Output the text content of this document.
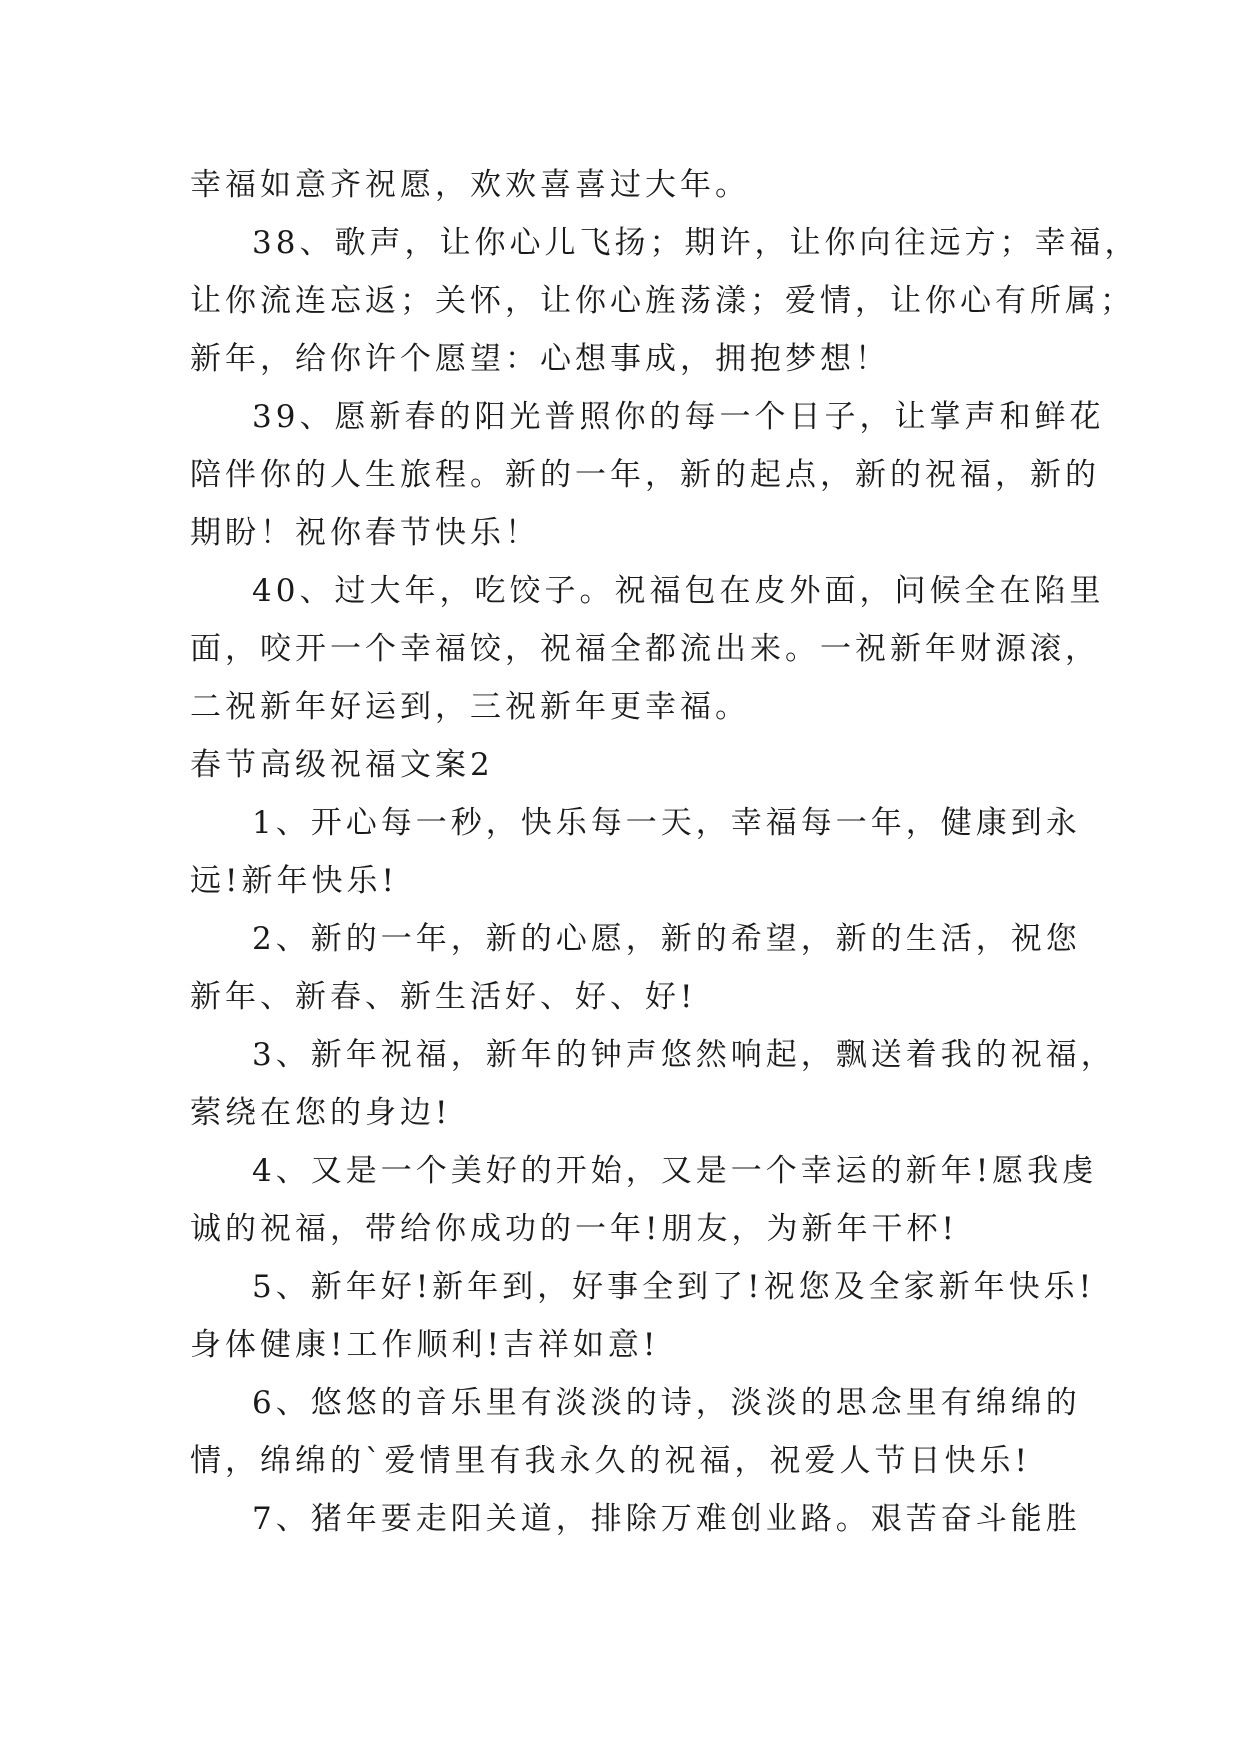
幸福如意齐祝愿，欢欢喜喜过大年。
38、歌声，让你心儿飞扬；期许，让你向往远方；幸福，
让你流连忘返；关怀，让你心旌荡漾；爱情，让你心有所属；
新年，给你许个愿望：心想事成，拥抱梦想！
39、愿新春的阳光普照你的每一个日子，让掌声和鲜花
陪伴你的人生旅程。新的一年，新的起点，新的祝福，新的
期盼！祝你春节快乐！
40、过大年，吃饺子。祝福包在皮外面，问候全在陷里
面，咬开一个幸福饺，祝福全都流出来。一祝新年财源滚，
二祝新年好运到，三祝新年更幸福。
春节高级祝福文案2
1、开心每一秒，快乐每一天，幸福每一年，健康到永
远!新年快乐!
2、新的一年，新的心愿，新的希望，新的生活，祝您
新年、新春、新生活好、好、好!
3、新年祝福，新年的钟声悠然响起，飘送着我的祝福，
萦绕在您的身边!
4、又是一个美好的开始，又是一个幸运的新年!愿我虔
诚的祝福，带给你成功的一年!朋友，为新年干杯!
5、新年好!新年到，好事全到了!祝您及全家新年快乐!
身体健康!工作顺利!吉祥如意!
6、悠悠的音乐里有淡淡的诗，淡淡的思念里有绵绵的
情，绵绵的`爱情里有我永久的祝福，祝爱人节日快乐!
7、猪年要走阳关道，排除万难创业路。艰苦奋斗能胜
